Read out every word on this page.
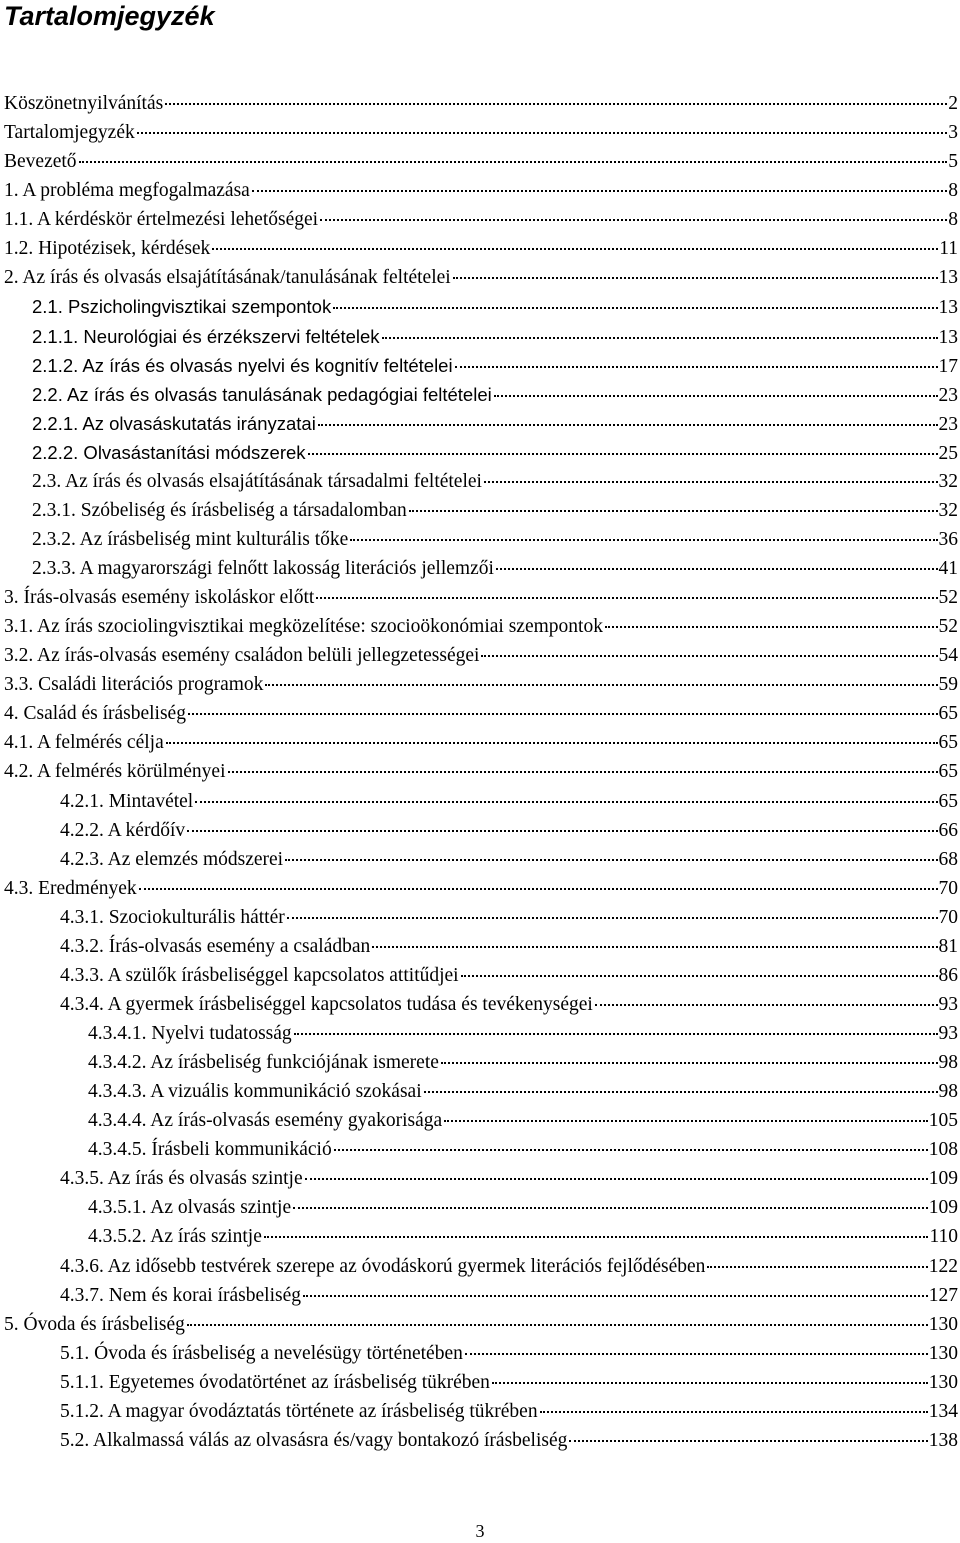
Tartalomjegyzék
Köszönetnyilvánítás	2
Tartalomjegyzék	3
Bevezető	5
1. A probléma megfogalmazása	8
1.1. A kérdéskör értelmezési lehetőségei	8
1.2. Hipotézisek, kérdések	11
2. Az írás és olvasás elsajátításának/tanulásának feltételei	13
2.1. Pszicholingvisztikai szempontok	13
2.1.1. Neurológiai és érzékszervi feltételek	13
2.1.2. Az írás és olvasás nyelvi és kognitív feltételei	17
2.2. Az írás és olvasás tanulásának pedagógiai feltételei	23
2.2.1. Az olvasáskutatás irányzatai	23
2.2.2. Olvasástanítási módszerek	25
2.3. Az írás és olvasás elsajátításának társadalmi feltételei	32
2.3.1. Szóbeliség és írásbeliség a társadalomban	32
2.3.2. Az írásbeliség mint kulturális tőke	36
2.3.3. A magyarországi felnőtt lakosság literációs jellemzői	41
3. Írás-olvasás esemény iskoláskor előtt	52
3.1. Az írás szociolingvisztikai megközelítése: szocioökonómiai szempontok	52
3.2. Az írás-olvasás esemény családon belüli jellegzetességei	54
3.3. Családi literációs programok	59
4. Család és írásbeliség	65
4.1. A felmérés célja	65
4.2. A felmérés körülményei	65
4.2.1. Mintavétel	65
4.2.2. A kérdőív	66
4.2.3. Az elemzés módszerei	68
4.3. Eredmények	70
4.3.1. Szociokulturális háttér	70
4.3.2. Írás-olvasás esemény a családban	81
4.3.3. A szülők írásbeliséggel kapcsolatos attitűdjei	86
4.3.4. A gyermek írásbeliséggel kapcsolatos tudása és tevékenységei	93
4.3.4.1. Nyelvi tudatosság	93
4.3.4.2. Az írásbeliség funkciójának ismerete	98
4.3.4.3. A vizuális kommunikáció szokásai	98
4.3.4.4. Az írás-olvasás esemény gyakorisága	105
4.3.4.5. Írásbeli kommunikáció	108
4.3.5. Az írás és olvasás szintje	109
4.3.5.1. Az olvasás szintje	109
4.3.5.2. Az írás szintje	110
4.3.6. Az idősebb testvérek szerepe az óvodáskorú gyermek literációs fejlődésében	122
4.3.7. Nem és korai írásbeliség	127
5. Óvoda és írásbeliség	130
5.1. Óvoda és írásbeliség a nevelésügy történetében	130
5.1.1. Egyetemes óvodatörténet az írásbeliség tükrében	130
5.1.2. A magyar óvodáztatás története az írásbeliség tükrében	134
5.2. Alkalmassá válás az olvasásra és/vagy bontakozó írásbeliség	138
3
